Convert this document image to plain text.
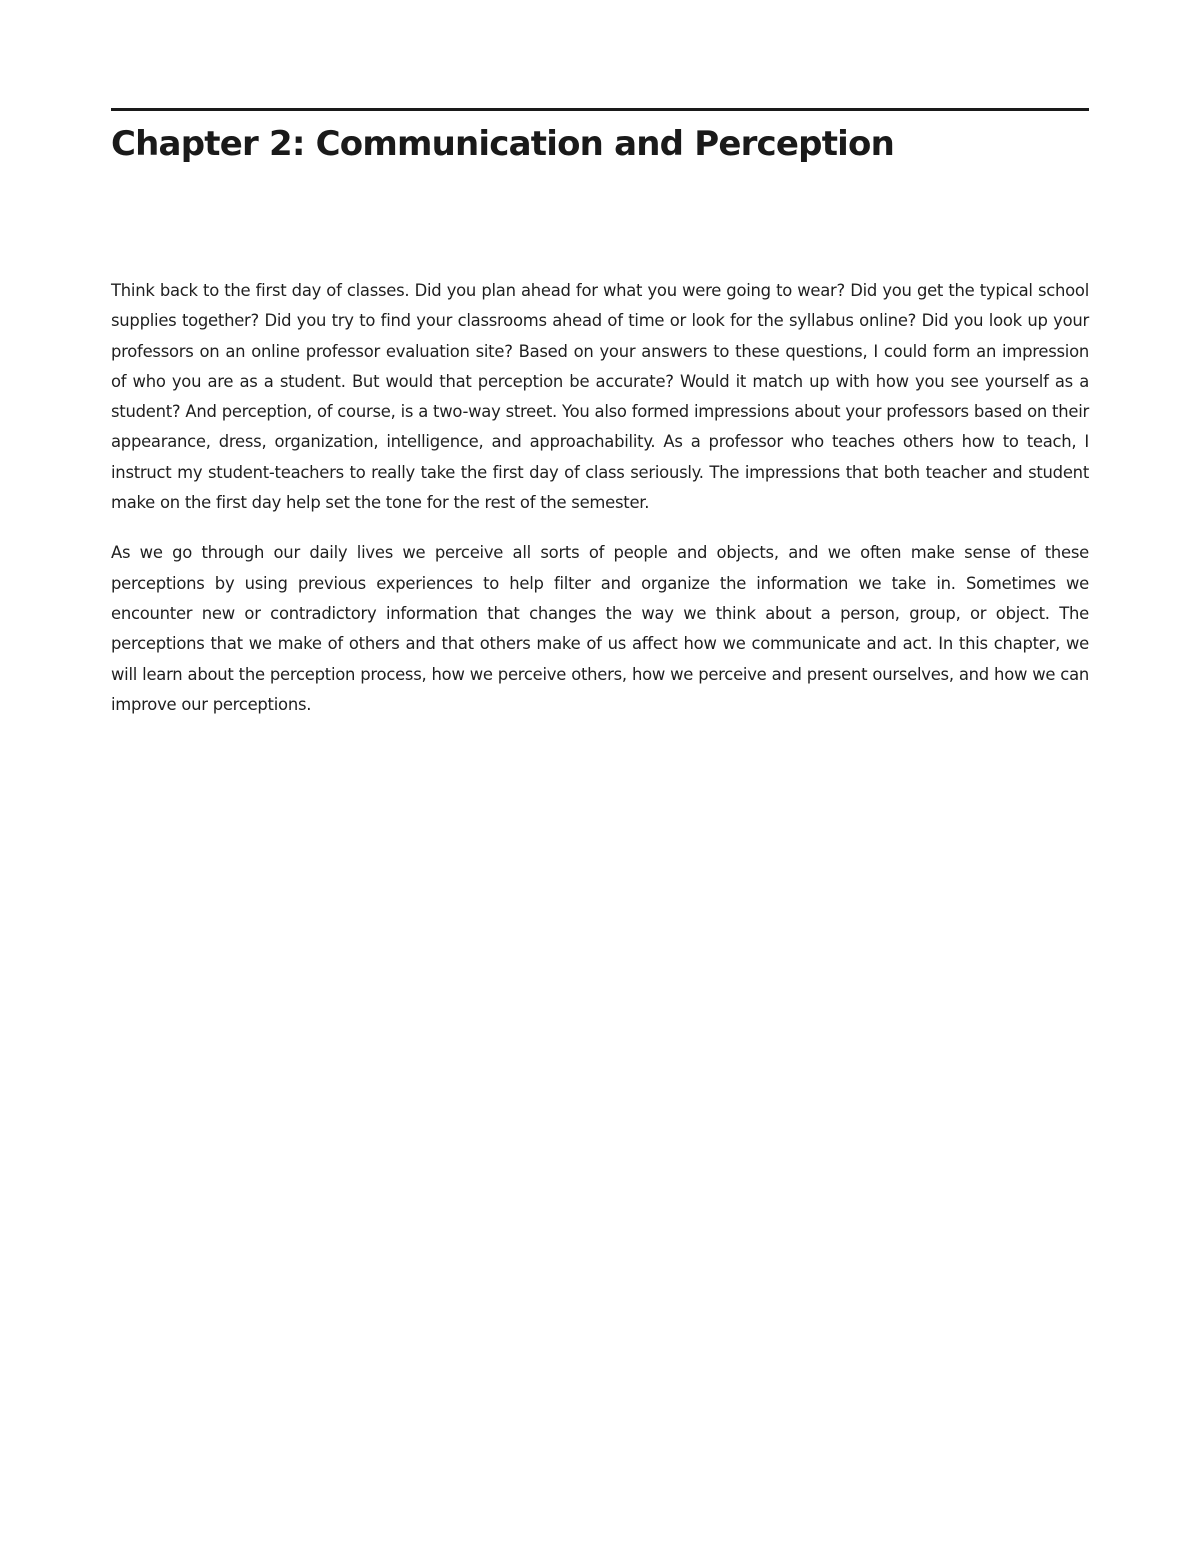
Chapter 2: Communication and Perception

Think back to the first day of classes. Did you plan ahead for what you were going to wear? Did you get the typical school supplies together? Did you try to find your classrooms ahead of time or look for the syllabus online? Did you look up your professors on an online professor evaluation site? Based on your answers to these questions, I could form an impression of who you are as a student. But would that perception be accurate? Would it match up with how you see yourself as a student? And perception, of course, is a two-way street. You also formed impressions about your professors based on their appearance, dress, organization, intelligence, and approachability. As a professor who teaches others how to teach, I instruct my student-teachers to really take the first day of class seriously. The impressions that both teacher and student make on the first day help set the tone for the rest of the semester.

As we go through our daily lives we perceive all sorts of people and objects, and we often make sense of these perceptions by using previous experiences to help filter and organize the information we take in. Sometimes we encounter new or contradictory information that changes the way we think about a person, group, or object. The perceptions that we make of others and that others make of us affect how we communicate and act. In this chapter, we will learn about the perception process, how we perceive others, how we perceive and present ourselves, and how we can improve our perceptions.
